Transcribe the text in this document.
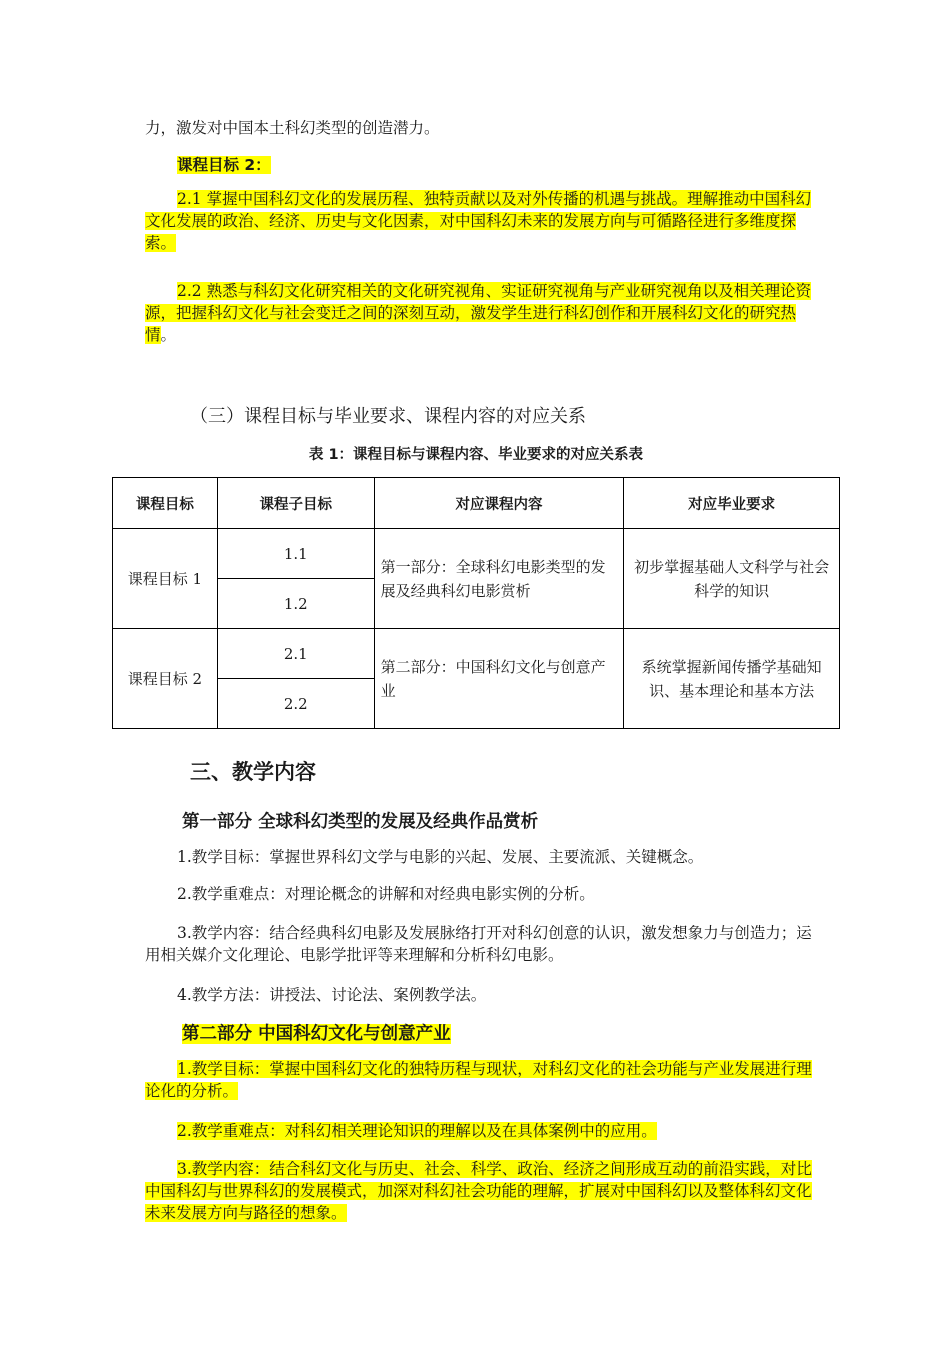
力，激发对中国本土科幻类型的创造潜力。

课程目标 2：

2.1 掌握中国科幻文化的发展历程、独特贡献以及对外传播的机遇与挑战。理解推动中国科幻文化发展的政治、经济、历史与文化因素，对中国科幻未来的发展方向与可循路径进行多维度探索。

2.2 熟悉与科幻文化研究相关的文化研究视角、实证研究视角与产业研究视角以及相关理论资源，把握科幻文化与社会变迁之间的深刻互动，激发学生进行科幻创作和开展科幻文化的研究热情。

（三）课程目标与毕业要求、课程内容的对应关系
表 1：课程目标与课程内容、毕业要求的对应关系表
课程目标	课程子目标	对应课程内容	对应毕业要求
课程目标 1	1.1	第一部分：全球科幻电影类型的发展及经典科幻电影赏析	初步掌握基础人文科学与社会科学的知识
	1.2		
课程目标 2	2.1	第二部分：中国科幻文化与创意产业	系统掌握新闻传播学基础知识、基本理论和基本方法
	2.2		
三、教学内容
第一部分 全球科幻类型的发展及经典作品赏析

1.教学目标：掌握世界科幻文学与电影的兴起、发展、主要流派、关键概念。

2.教学重难点：对理论概念的讲解和对经典电影实例的分析。

3.教学内容：结合经典科幻电影及发展脉络打开对科幻创意的认识，激发想象力与创造力；运用相关媒介文化理论、电影学批评等来理解和分析科幻电影。

4.教学方法：讲授法、讨论法、案例教学法。

第二部分 中国科幻文化与创意产业

1.教学目标：掌握中国科幻文化的独特历程与现状，对科幻文化的社会功能与产业发展进行理论化的分析。

2.教学重难点：对科幻相关理论知识的理解以及在具体案例中的应用。

3.教学内容：结合科幻文化与历史、社会、科学、政治、经济之间形成互动的前沿实践，对比中国科幻与世界科幻的发展模式，加深对科幻社会功能的理解，扩展对中国科幻以及整体科幻文化未来发展方向与路径的想象。
